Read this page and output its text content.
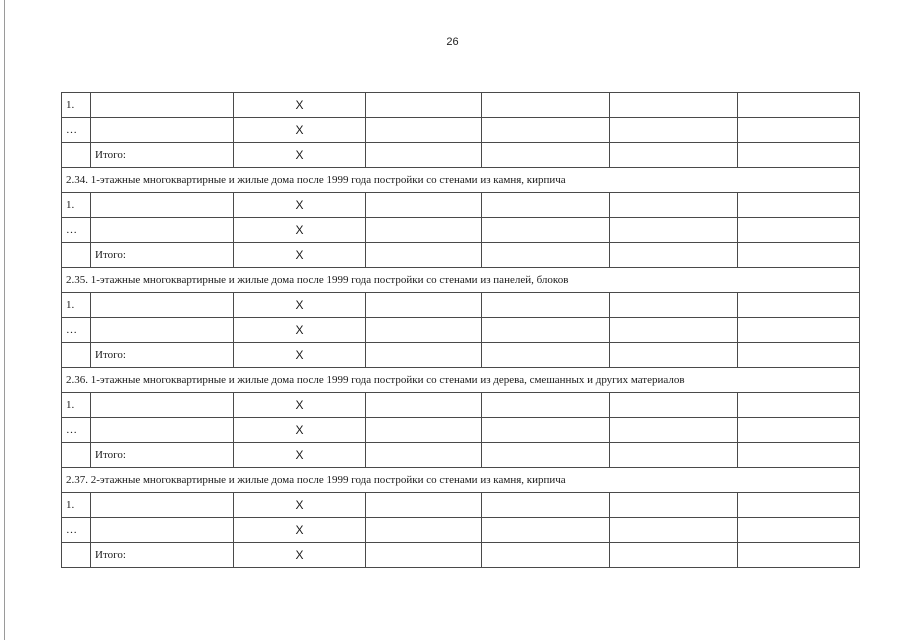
26
1.		X				
…		X				
	Итого:	X				
2.34. 1-этажные многоквартирные и жилые дома после 1999 года постройки со стенами из камня, кирпича						
1.		X				
…		X				
	Итого:	X				
2.35. 1-этажные многоквартирные и жилые дома после 1999 года постройки со стенами из панелей, блоков						
1.		X				
…		X				
	Итого:	X				
2.36. 1-этажные многоквартирные и жилые дома после 1999 года постройки со стенами из дерева, смешанных и других материалов						
1.		X				
…		X				
	Итого:	X				
2.37. 2-этажные многоквартирные и жилые дома после 1999 года постройки со стенами из камня, кирпича						
1.		X				
…		X				
	Итого:	X				
